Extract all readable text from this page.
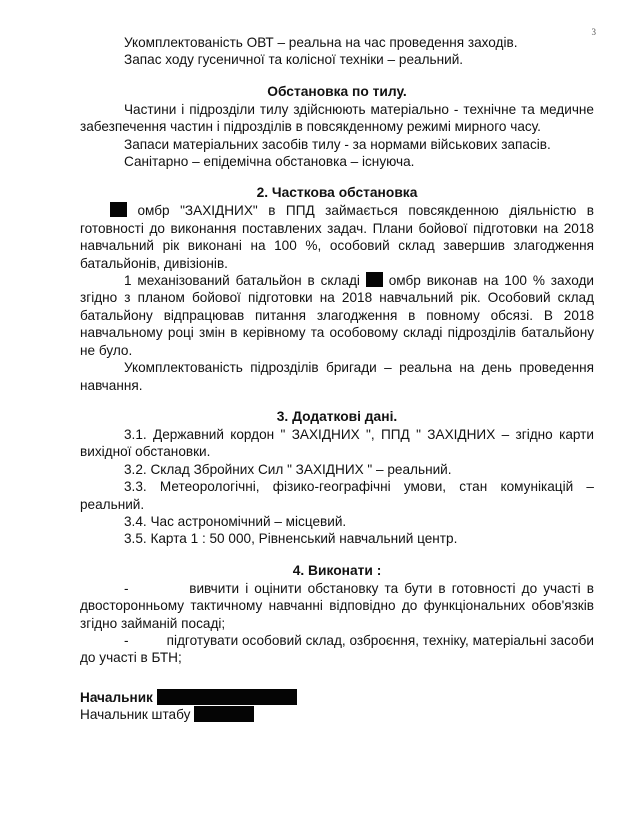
3

Укомплектованість ОВТ – реальна на час проведення заходів.

Запас ходу гусеничної та колісної техніки – реальний.

Обстановка по тилу.

Частини і підрозділи тилу здійснюють матеріально - технічне та медичне забезпечення частин і підрозділів в повсякденному режимі мирного часу.

Запаси матеріальних засобів тилу - за нормами військових запасів.

Санітарно – епідемічна обстановка – існуюча.

2. Часткова обстановка

омбр "ЗАХІДНИХ" в ППД займається повсякденною діяльністю в готовності до виконання поставлених задач. Плани бойової підготовки на 2018 навчальний рік виконані на 100 %, особовий склад завершив злагодження батальйонів, дивізіонів.

1 механізований батальйон в складі омбр виконав на 100 % заходи згідно з планом бойової підготовки на 2018 навчальний рік. Особовий склад батальйону відпрацював питання злагодження в повному обсязі. В 2018 навчальному році змін в керівному та особовому складі підрозділів батальйону не було.

Укомплектованість підрозділів бригади – реальна на день проведення навчання.

3. Додаткові дані.

3.1. Державний кордон " ЗАХІДНИХ ", ППД " ЗАХІДНИХ – згідно карти вихідної обстановки.

3.2. Склад Збройних Сил " ЗАХІДНИХ " – реальний.

3.3. Метеорологічні, фізико-географічні умови, стан комунікацій – реальний.

3.4. Час астрономічний – місцевий.

3.5. Карта 1 : 50 000, Рівненський навчальний центр.

4. Виконати :

-	вивчити і оцінити обстановку та бути в готовності до участі в двосторонньому тактичному навчанні відповідно до функціональних обов'язків згідно займаній посаді;

-	підготувати особовий склад, озброєння, техніку, матеріальні засоби до участі в БТН;

Начальник

Начальник штабу
